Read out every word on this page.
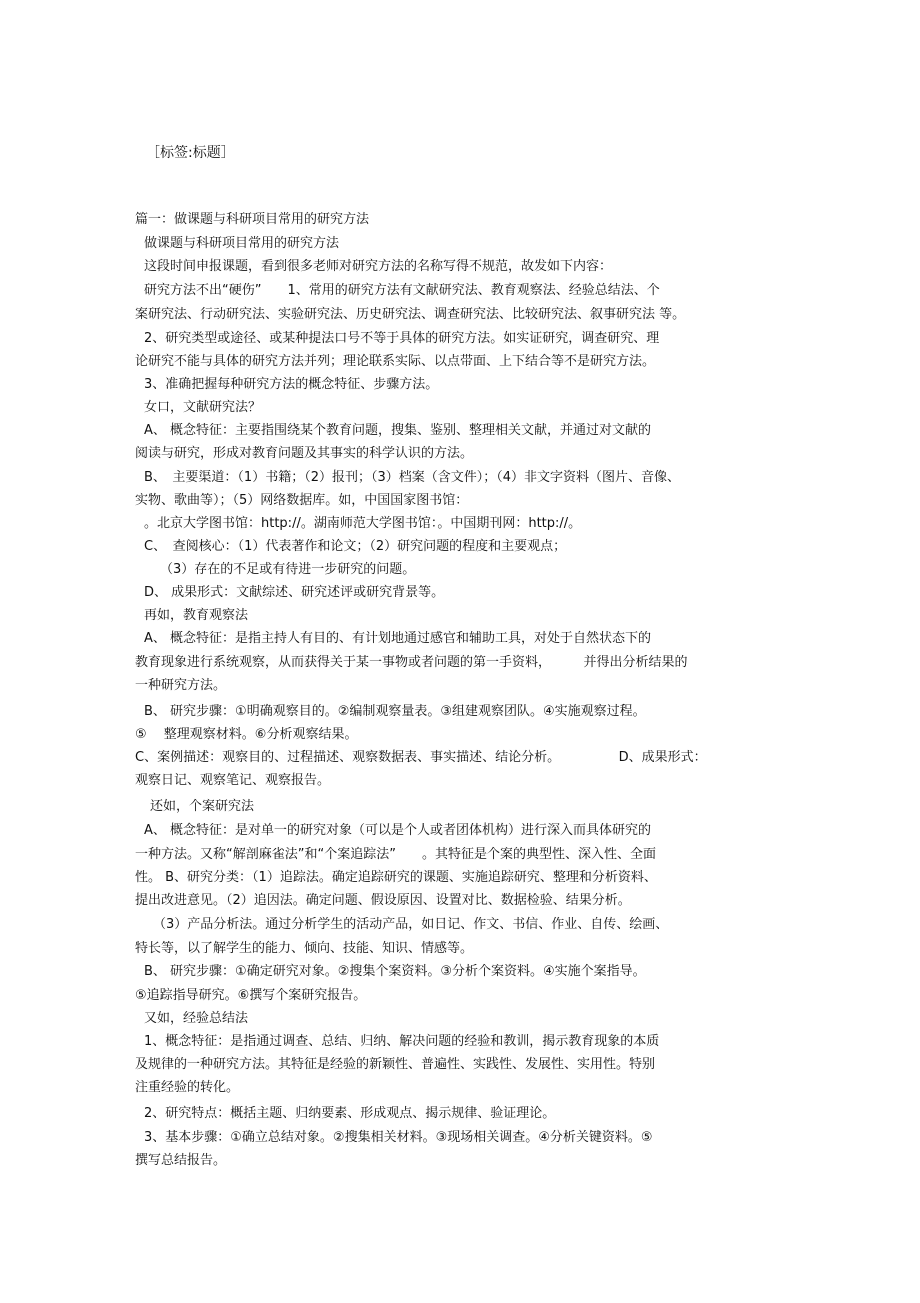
［标签:标题］

篇一：做课题与科研项目常用的研究方法

做课题与科研项目常用的研究方法

这段时间申报课题，看到很多老师对研究方法的名称写得不规范，故发如下内容：

研究方法不出“硬伤”　　1、常用的研究方法有文献研究法、教育观察法、经验总结法、个

案研究法、行动研究法、实验研究法、历史研究法、调查研究法、比较研究法、叙事研究法 等。

2、研究类型或途径、或某种提法口号不等于具体的研究方法。如实证研究，调查研究、理

论研究不能与具体的研究方法并列；理论联系实际、以点带面、上下结合等不是研究方法。

3、准确把握每种研究方法的概念特征、步骤方法。

女口，文献研究法？

A、 概念特征：主要指围绕某个教育问题，搜集、鉴别、整理相关文献，并通过对文献的

阅读与研究，形成对教育问题及其事实的科学认识的方法。

B、　主要渠道：（1）书籍；（2）报刊；（3）档案（含文件）；（4）非文字资料（图片、音像、

实物、歌曲等）；（5）网络数据库。如，中国国家图书馆：

。北京大学图书馆：http://。湖南师范大学图书馆：。中国期刊网：http://。

C、　查阅核心：（1）代表著作和论文；（2）研究问题的程度和主要观点；

（3）存在的不足或有待进一步研究的问题。

D、 成果形式：文献综述、研究述评或研究背景等。

再如，教育观察法

A、 概念特征：是指主持人有目的、有计划地通过感官和辅助工具，对处于自然状态下的

教育现象进行系统观察，从而获得关于某一事物或者问题的第一手资料，　　　并得出分析结果的

一种研究方法。

B、 研究步骤：①明确观察目的。②编制观察量表。③组建观察团队。④实施观察过程。

⑤　 整理观察材料。⑥分析观察结果。

C、案例描述：观察目的、过程描述、观察数据表、事实描述、结论分析。　　　　　D、成果形式：

观察日记、观察笔记、观察报告。

还如，个案研究法

A、 概念特征：是对单一的研究对象（可以是个人或者团体机构）进行深入而具体研究的

一种方法。又称“解剖麻雀法”和“个案追踪法”　　。其特征是个案的典型性、深入性、全面

性。 B、研究分类：（1）追踪法。确定追踪研究的课题、实施追踪研究、整理和分析资料、

提出改进意见。（2）追因法。确定问题、假设原因、设置对比、数据检验、结果分析。

（3）产品分析法。通过分析学生的活动产品，如日记、作文、书信、作业、自传、绘画、

特长等，以了解学生的能力、倾向、技能、知识、情感等。

B、 研究步骤：①确定研究对象。②搜集个案资料。③分析个案资料。④实施个案指导。

⑤追踪指导研究。⑥撰写个案研究报告。

又如，经验总结法

1、概念特征：是指通过调查、总结、归纳、解决问题的经验和教训，揭示教育现象的本质

及规律的一种研究方法。其特征是经验的新颖性、普遍性、实践性、发展性、实用性。特别

注重经验的转化。

2、研究特点：概括主题、归纳要素、形成观点、揭示规律、验证理论。

3、基本步骤：①确立总结对象。②搜集相关材料。③现场相关调查。④分析关键资料。⑤

撰写总结报告。
